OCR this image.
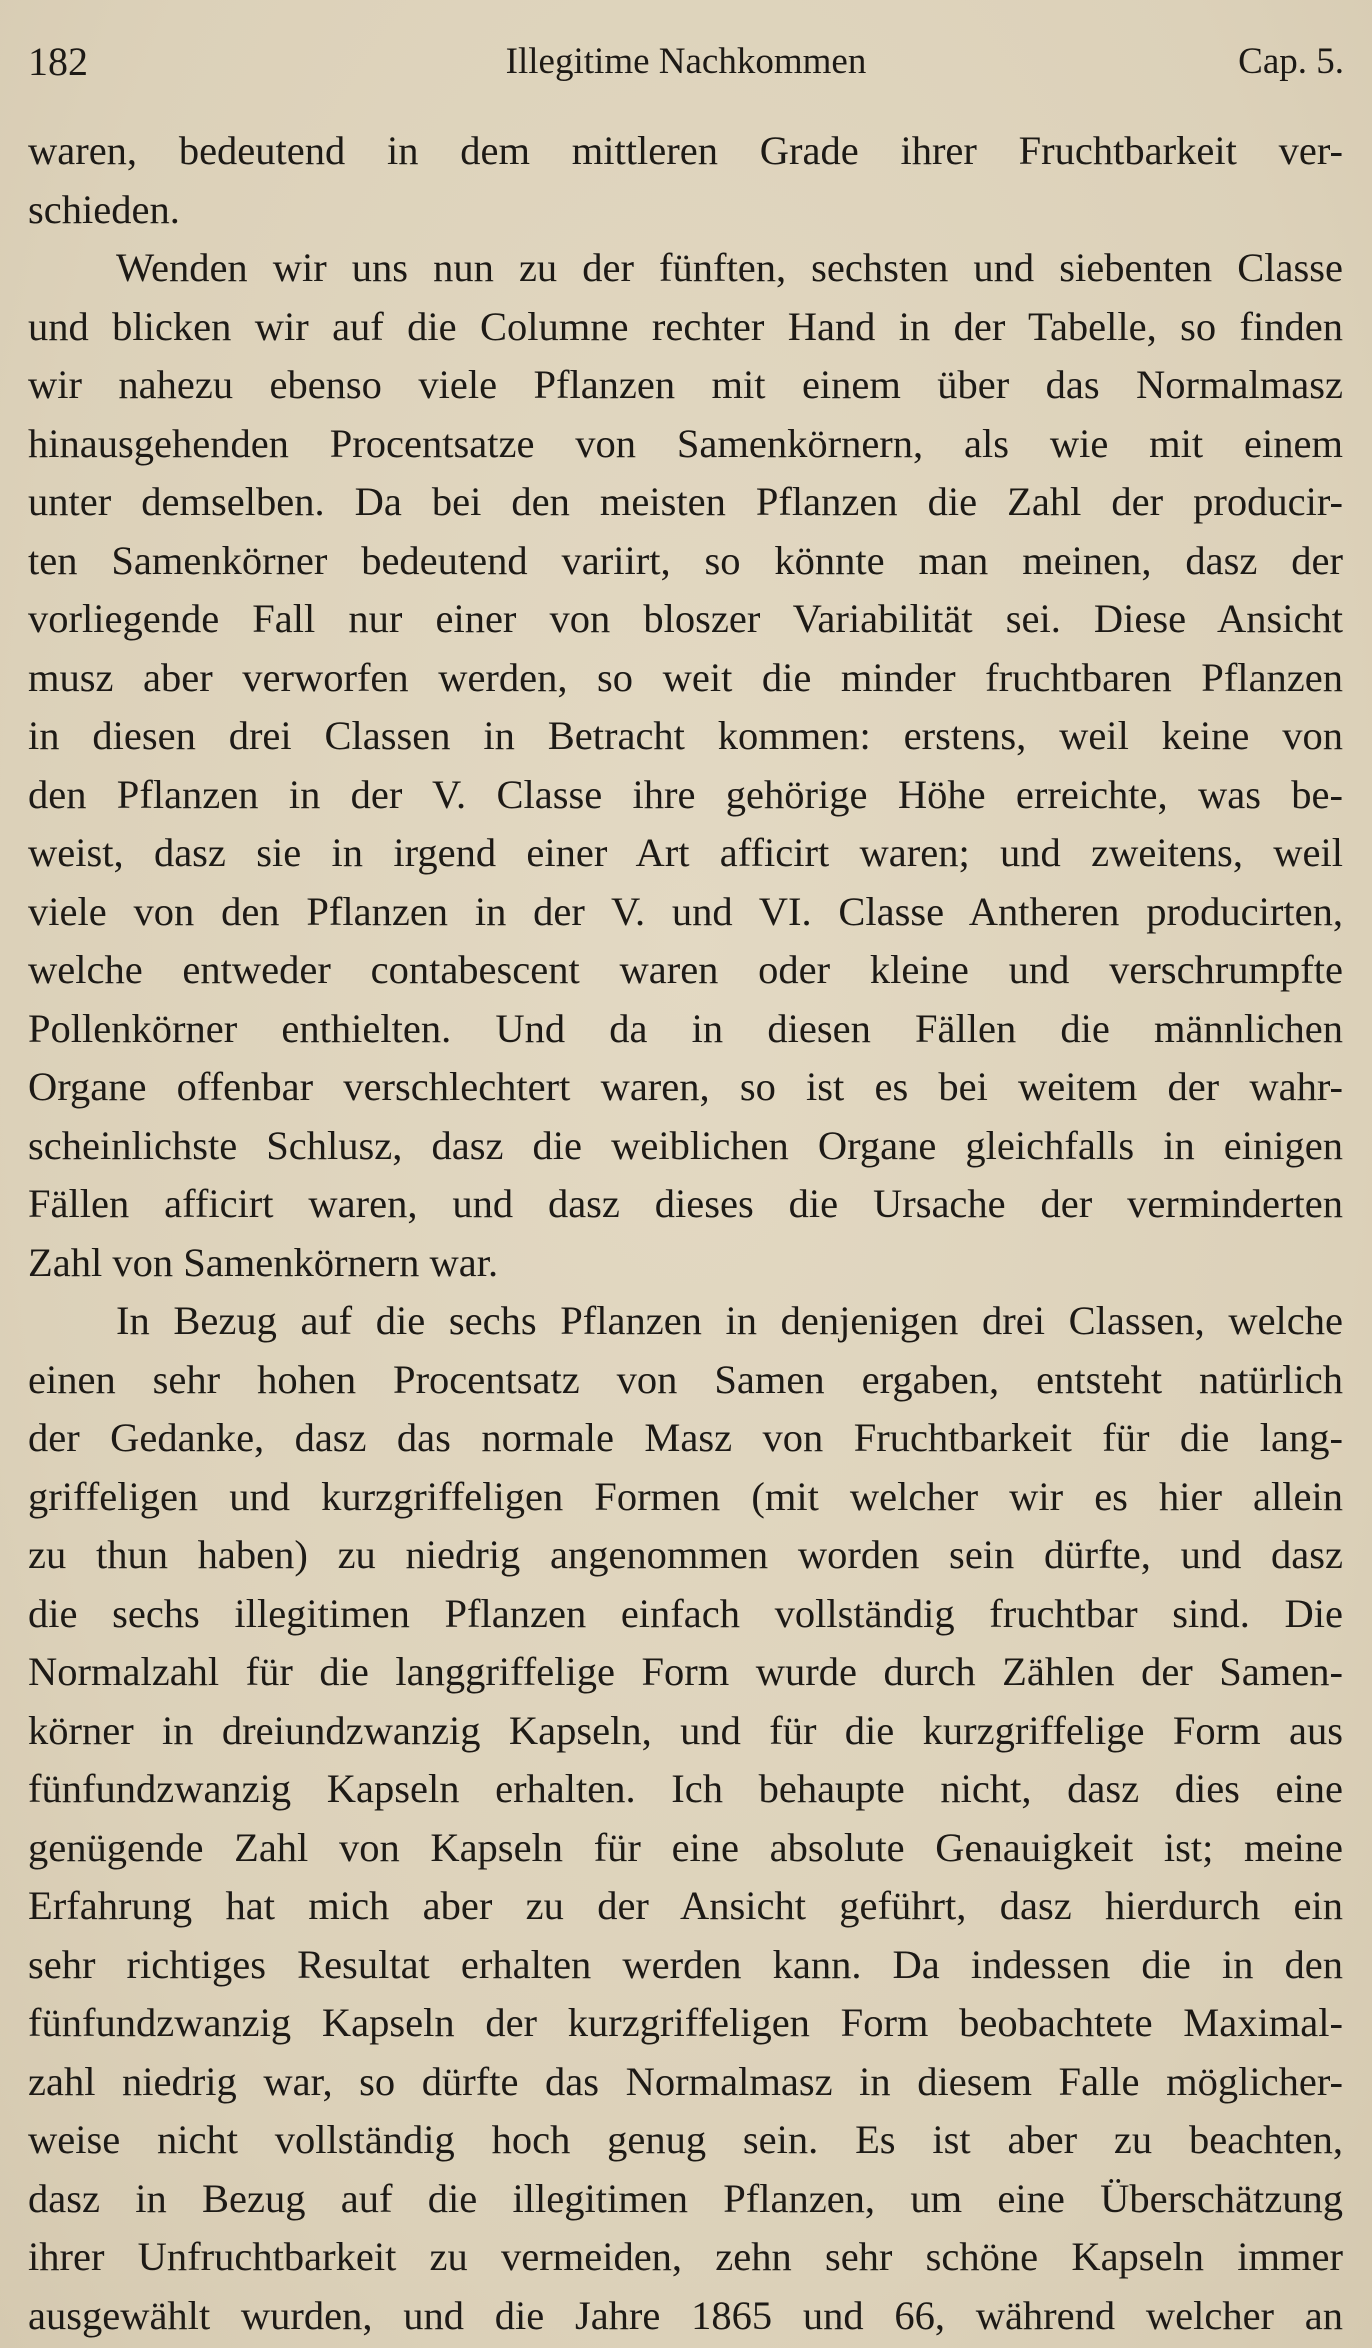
182	Illegitime Nachkommen	Cap. 5.
waren, bedeutend in dem mittleren Grade ihrer Fruchtbarkeit ver-
schieden.
Wenden wir uns nun zu der fünften, sechsten und siebenten Classe
und blicken wir auf die Columne rechter Hand in der Tabelle, so finden
wir nahezu ebenso viele Pflanzen mit einem über das Normalmasz
hinausgehenden Procentsatze von Samenkörnern, als wie mit einem
unter demselben. Da bei den meisten Pflanzen die Zahl der producir-
ten Samenkörner bedeutend variirt, so könnte man meinen, dasz der
vorliegende Fall nur einer von bloszer Variabilität sei. Diese Ansicht
musz aber verworfen werden, so weit die minder fruchtbaren Pflanzen
in diesen drei Classen in Betracht kommen: erstens, weil keine von
den Pflanzen in der V. Classe ihre gehörige Höhe erreichte, was be-
weist, dasz sie in irgend einer Art afficirt waren; und zweitens, weil
viele von den Pflanzen in der V. und VI. Classe Antheren producirten,
welche entweder contabescent waren oder kleine und verschrumpfte
Pollenkörner enthielten. Und da in diesen Fällen die männlichen
Organe offenbar verschlechtert waren, so ist es bei weitem der wahr-
scheinlichste Schlusz, dasz die weiblichen Organe gleichfalls in einigen
Fällen afficirt waren, und dasz dieses die Ursache der verminderten
Zahl von Samenkörnern war.
In Bezug auf die sechs Pflanzen in denjenigen drei Classen, welche
einen sehr hohen Procentsatz von Samen ergaben, entsteht natürlich
der Gedanke, dasz das normale Masz von Fruchtbarkeit für die lang-
griffeligen und kurzgriffeligen Formen (mit welcher wir es hier allein
zu thun haben) zu niedrig angenommen worden sein dürfte, und dasz
die sechs illegitimen Pflanzen einfach vollständig fruchtbar sind. Die
Normalzahl für die langgriffelige Form wurde durch Zählen der Samen-
körner in dreiundzwanzig Kapseln, und für die kurzgriffelige Form aus
fünfundzwanzig Kapseln erhalten. Ich behaupte nicht, dasz dies eine
genügende Zahl von Kapseln für eine absolute Genauigkeit ist; meine
Erfahrung hat mich aber zu der Ansicht geführt, dasz hierdurch ein
sehr richtiges Resultat erhalten werden kann. Da indessen die in den
fünfundzwanzig Kapseln der kurzgriffeligen Form beobachtete Maximal-
zahl niedrig war, so dürfte das Normalmasz in diesem Falle möglicher-
weise nicht vollständig hoch genug sein. Es ist aber zu beachten,
dasz in Bezug auf die illegitimen Pflanzen, um eine Überschätzung
ihrer Unfruchtbarkeit zu vermeiden, zehn sehr schöne Kapseln immer
ausgewählt wurden, und die Jahre 1865 und 66, während welcher an
